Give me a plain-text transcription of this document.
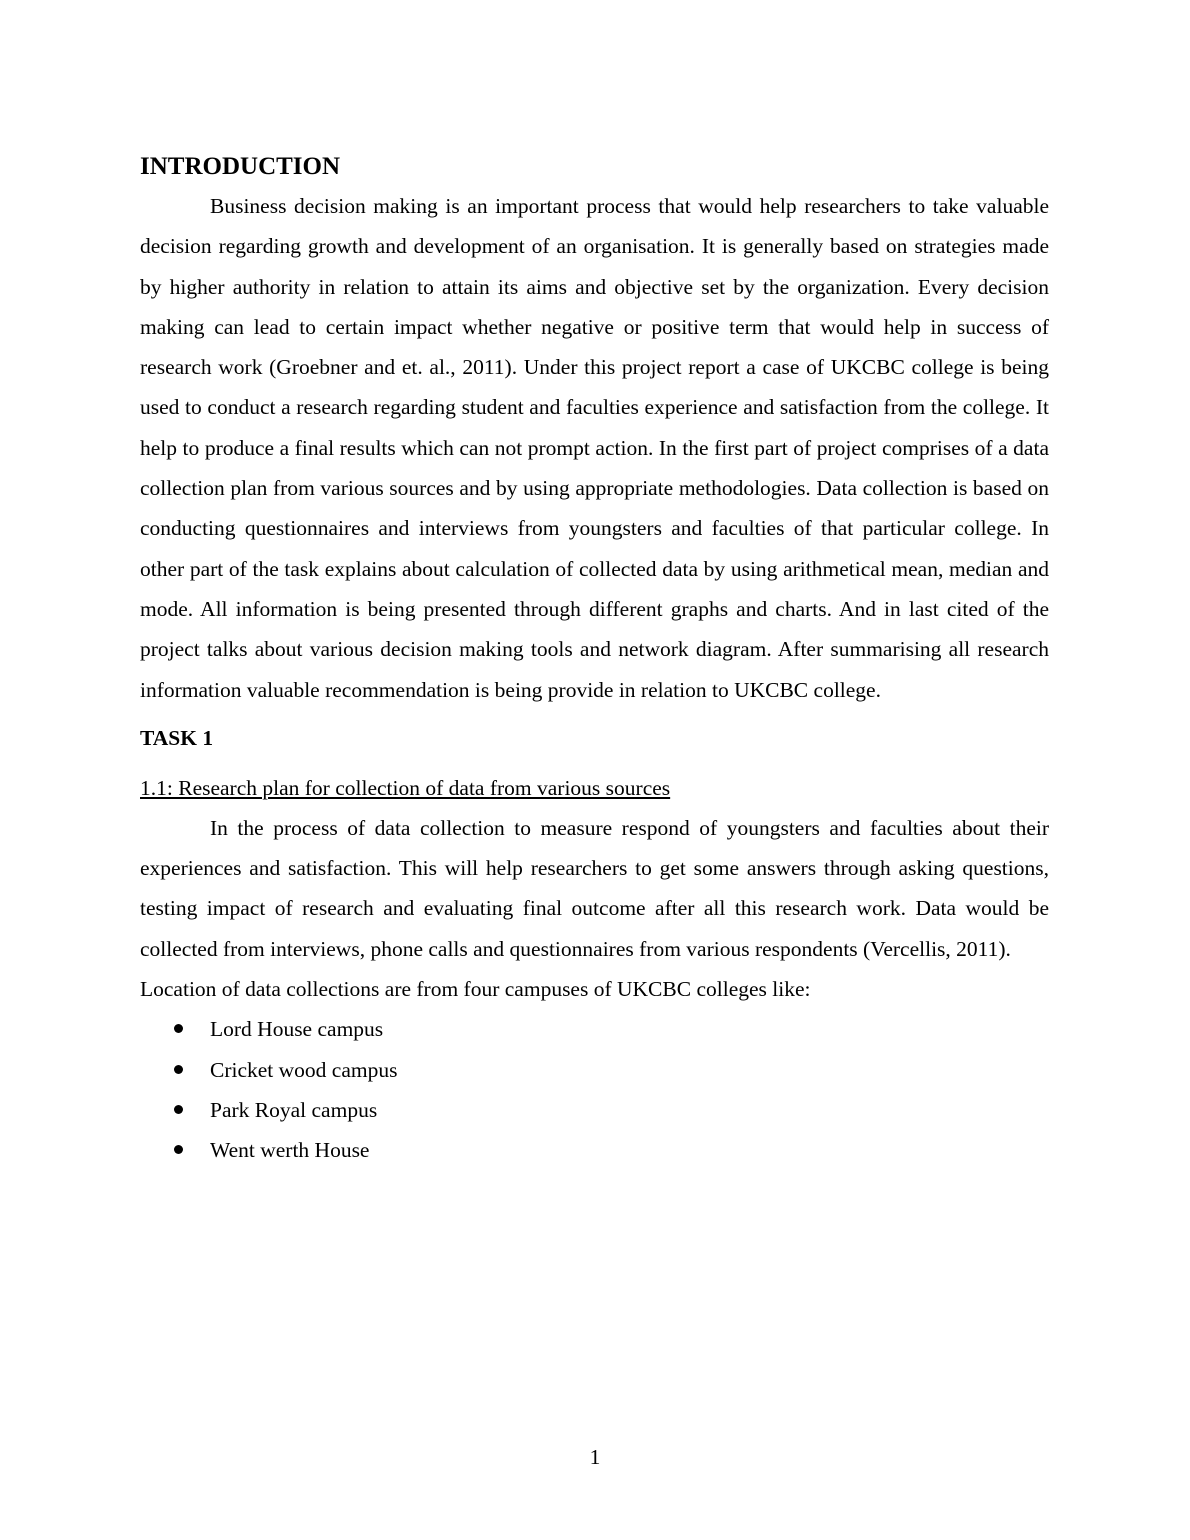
INTRODUCTION

Business decision making is an important process that would help researchers to take valuable decision regarding growth and development of an organisation. It is generally based on strategies made by higher authority in relation to attain its aims and objective set by the organization. Every decision making can lead to certain impact whether negative or positive term that would help in success of research work (Groebner and et. al., 2011). Under this project report a case of UKCBC college is being used to conduct a research regarding student and faculties experience and satisfaction from the college. It help to produce a final results which can not prompt action. In the first part of project comprises of a data collection plan from various sources and by using appropriate methodologies. Data collection is based on conducting questionnaires and interviews from youngsters and faculties of that particular college. In other part of the task explains about calculation of collected data by using arithmetical mean, median and mode. All information is being presented through different graphs and charts. And in last cited of the project talks about various decision making tools and network diagram. After summarising all research information valuable recommendation is being provide in relation to UKCBC college.

TASK 1
1.1: Research plan for collection of data from various sources

In the process of data collection to measure respond of youngsters and faculties about their experiences and satisfaction. This will help researchers to get some answers through asking questions, testing impact of research and evaluating final outcome after all this research work. Data would be collected from interviews, phone calls and questionnaires from various respondents (Vercellis, 2011).

Location of data collections are from four campuses of UKCBC colleges like:

Lord House campus
Cricket wood campus
Park Royal campus
Went werth House
1
